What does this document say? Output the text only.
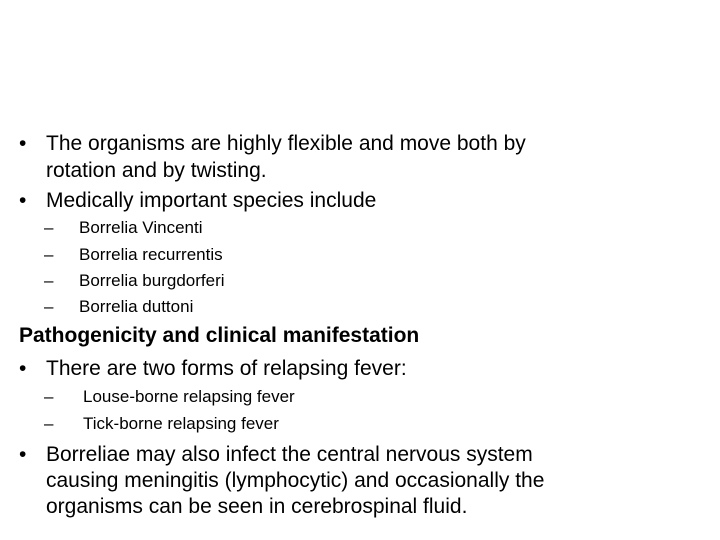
• The organisms are highly flexible and move both by
rotation and by twisting.
• Medically important species include
– Borrelia Vincenti
– Borrelia recurrentis
– Borrelia burgdorferi
– Borrelia duttoni
Pathogenicity and clinical manifestation
• There are two forms of relapsing fever:
– Louse-borne relapsing fever
– Tick-borne relapsing fever
• Borreliae may also infect the central nervous system
causing meningitis (lymphocytic) and occasionally the
organisms can be seen in cerebrospinal fluid.
